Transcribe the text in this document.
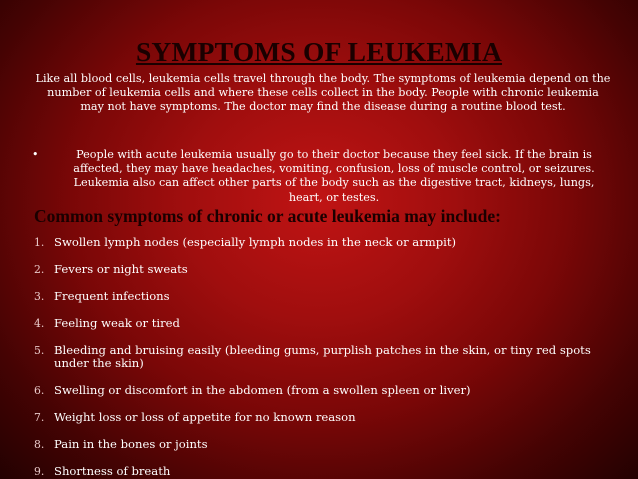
SYMPTOMS OF LEUKEMIA

Like all blood cells, leukemia cells travel through the body. The symptoms of leukemia depend on the number of leukemia cells and where these cells collect in the body. People with chronic leukemia may not have symptoms. The doctor may find the disease during a routine blood test.

•	People with acute leukemia usually go to their doctor because they feel sick. If the brain is affected, they may have headaches, vomiting, confusion, loss of muscle control, or seizures. Leukemia also can affect other parts of the body such as the digestive tract, kidneys, lungs, heart, or testes.
Common symptoms of chronic or acute leukemia may include:
1. Swollen lymph nodes (especially lymph nodes in the neck or armpit)
2. Fevers or night sweats
3. Frequent infections
4. Feeling weak or tired
5. Bleeding and bruising easily (bleeding gums, purplish patches in the skin, or tiny red spots under the skin)
6. Swelling or discomfort in the abdomen (from a swollen spleen or liver)
7. Weight loss or loss of appetite for no known reason
8. Pain in the bones or joints
9. Shortness of breath
